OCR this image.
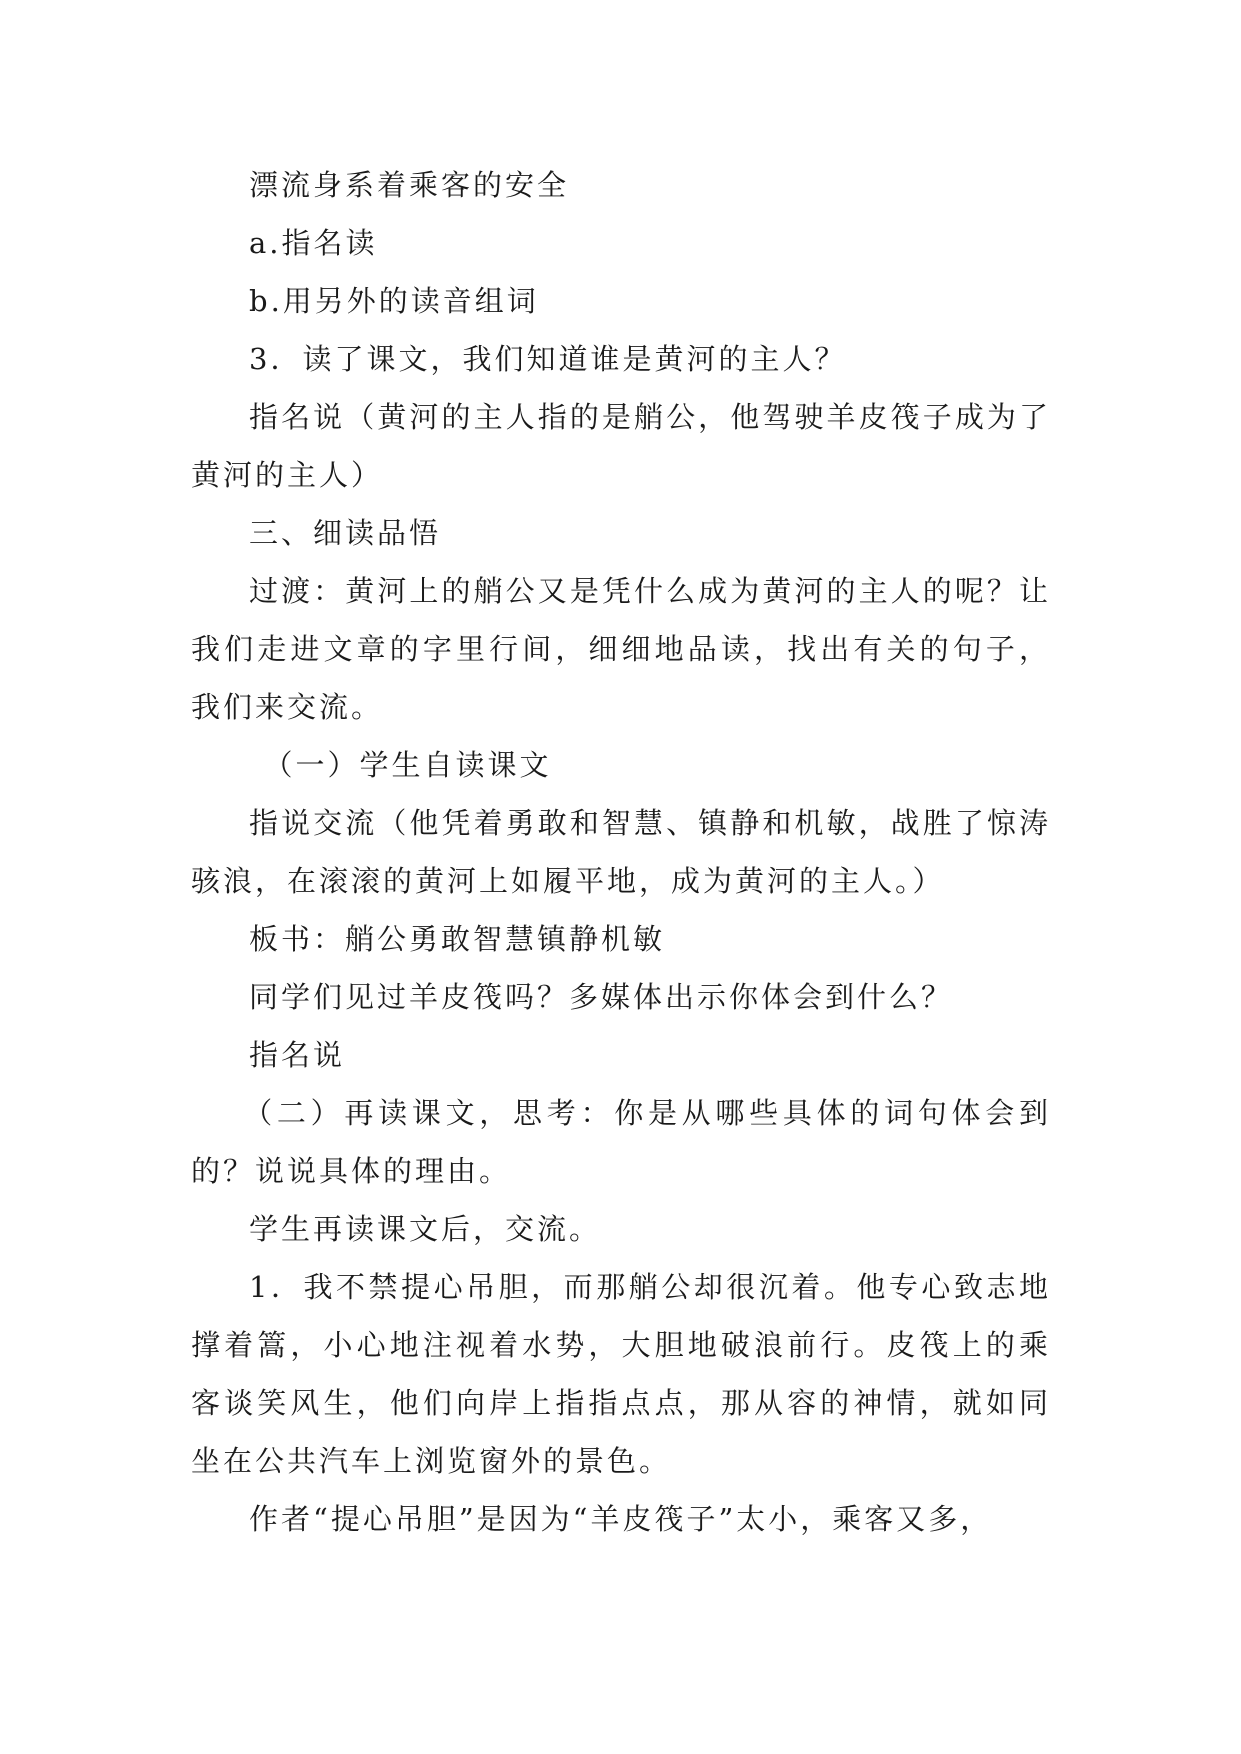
漂流身系着乘客的安全

a.指名读

b.用另外的读音组词

3．读了课文，我们知道谁是黄河的主人？

指名说（黄河的主人指的是艄公，他驾驶羊皮筏子成为了黄河的主人）

三、细读品悟

过渡：黄河上的艄公又是凭什么成为黄河的主人的呢？让我们走进文章的字里行间，细细地品读，找出有关的句子，我们来交流。

（一）学生自读课文

指说交流（他凭着勇敢和智慧、镇静和机敏，战胜了惊涛骇浪，在滚滚的黄河上如履平地，成为黄河的主人。）

板书：艄公勇敢智慧镇静机敏

同学们见过羊皮筏吗？多媒体出示你体会到什么？

指名说

（二）再读课文，思考：你是从哪些具体的词句体会到的？说说具体的理由。

学生再读课文后，交流。

1．我不禁提心吊胆，而那艄公却很沉着。他专心致志地撑着篙，小心地注视着水势，大胆地破浪前行。皮筏上的乘客谈笑风生，他们向岸上指指点点，那从容的神情，就如同坐在公共汽车上浏览窗外的景色。

作者“提心吊胆”是因为“羊皮筏子”太小，乘客又多，
